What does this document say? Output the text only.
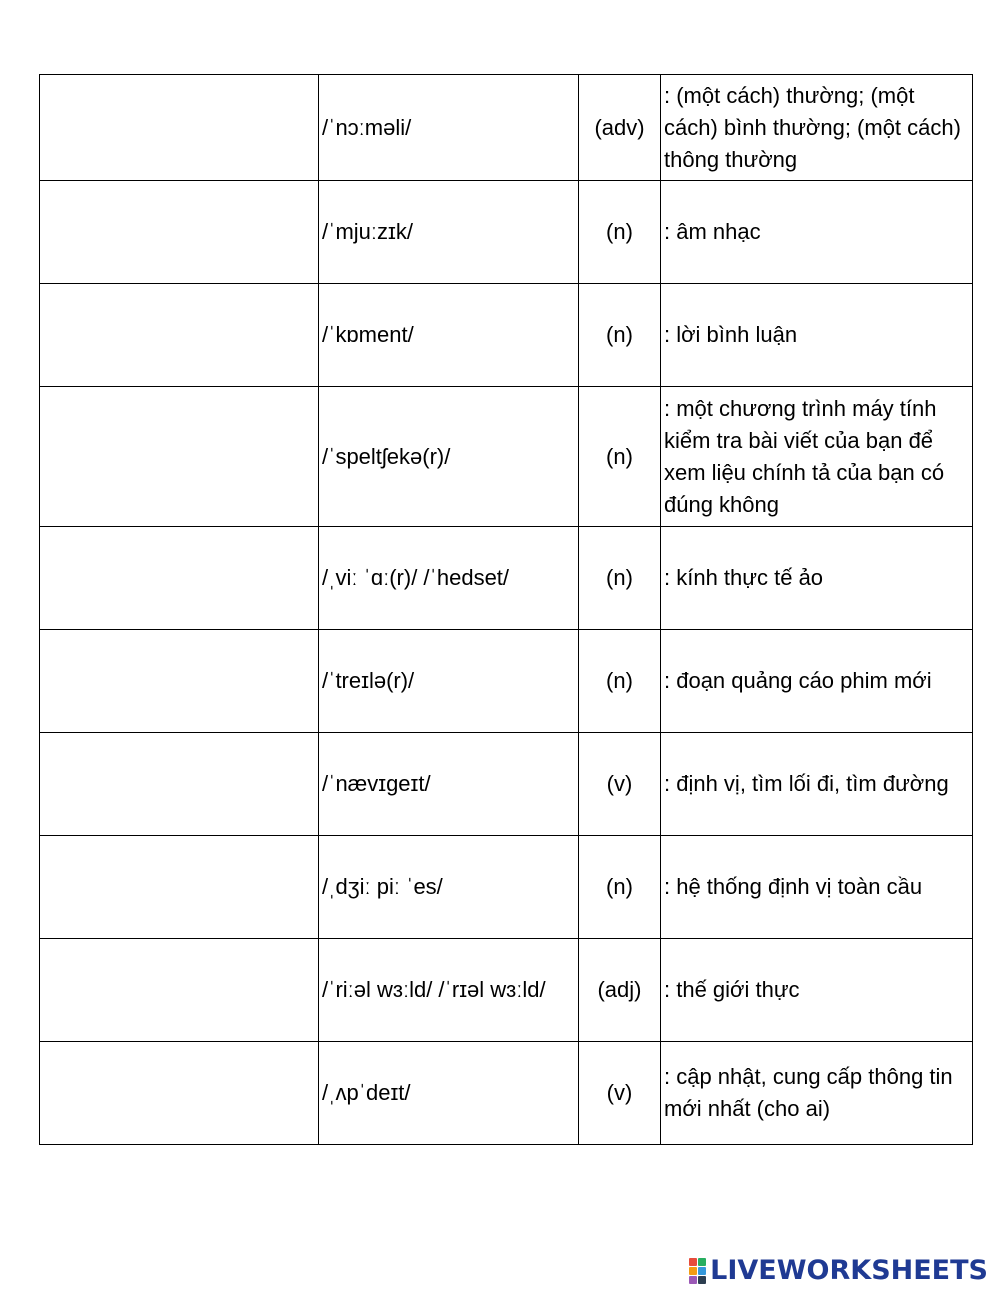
	/ˈnɔːməli/	(adv)	: (một cách) thường; (một cách) bình thường; (một cách) thông thường
	/ˈmjuːzɪk/	(n)	: âm nhạc
	/ˈkɒment/	(n)	: lời bình luận
	/ˈspeltʃekə(r)/	(n)	: một chương trình máy tính kiểm tra bài viết của bạn để xem liệu chính tả của bạn có đúng không
	/ˌviː ˈɑː(r)/ /ˈhedset/	(n)	: kính thực tế ảo
	/ˈtreɪlə(r)/	(n)	: đoạn quảng cáo phim mới
	/ˈnævɪgeɪt/	(v)	: định vị, tìm lối đi, tìm đường
	/ˌdʒiː piː ˈes/	(n)	: hệ thống định vị toàn cầu
	/ˈriːəl wɜːld/ /ˈrɪəl wɜːld/	(adj)	: thế giới thực
	/ˌʌpˈdeɪt/	(v)	: cập nhật, cung cấp thông tin mới nhất (cho ai)
LIVEWORKSHEETS
